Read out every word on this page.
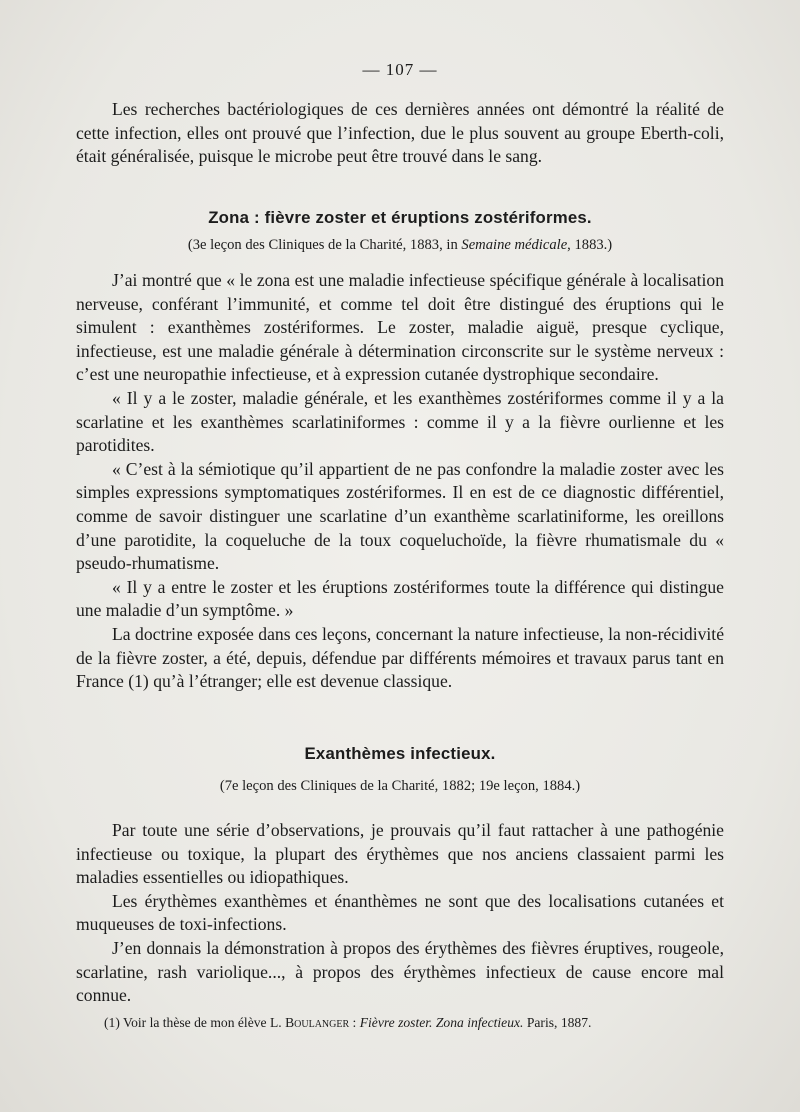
— 107 —

Les recherches bactériologiques de ces dernières années ont démontré la réalité de cette infection, elles ont prouvé que l’infection, due le plus souvent au groupe Eberth-coli, était généralisée, puisque le microbe peut être trouvé dans le sang.

Zona : fièvre zoster et éruptions zostériformes.
(3e leçon des Cliniques de la Charité, 1883, in Semaine médicale, 1883.)

J’ai montré que « le zona est une maladie infectieuse spécifique générale à localisation nerveuse, conférant l’immunité, et comme tel doit être distingué des éruptions qui le simulent : exanthèmes zostériformes. Le zoster, maladie aiguë, presque cyclique, infectieuse, est une maladie générale à détermination circonscrite sur le système nerveux : c’est une neuropathie infectieuse, et à expression cutanée dystrophique secondaire.

« Il y a le zoster, maladie générale, et les exanthèmes zostériformes comme il y a la scarlatine et les exanthèmes scarlatiniformes : comme il y a la fièvre ourlienne et les parotidites.

« C’est à la sémiotique qu’il appartient de ne pas confondre la maladie zoster avec les simples expressions symptomatiques zostériformes. Il en est de ce diagnostic différentiel, comme de savoir distinguer une scarlatine d’un exanthème scarlatiniforme, les oreillons d’une parotidite, la coqueluche de la toux coqueluchoïde, la fièvre rhumatismale du « pseudo-rhumatisme.

« Il y a entre le zoster et les éruptions zostériformes toute la différence qui distingue une maladie d’un symptôme. »

La doctrine exposée dans ces leçons, concernant la nature infectieuse, la non-récidivité de la fièvre zoster, a été, depuis, défendue par différents mémoires et travaux parus tant en France (1) qu’à l’étranger; elle est devenue classique.

Exanthèmes infectieux.
(7e leçon des Cliniques de la Charité, 1882; 19e leçon, 1884.)

Par toute une série d’observations, je prouvais qu’il faut rattacher à une pathogénie infectieuse ou toxique, la plupart des érythèmes que nos anciens classaient parmi les maladies essentielles ou idiopathiques.

Les érythèmes exanthèmes et énanthèmes ne sont que des localisations cutanées et muqueuses de toxi-infections.

J’en donnais la démonstration à propos des érythèmes des fièvres éruptives, rougeole, scarlatine, rash variolique..., à propos des érythèmes infectieux de cause encore mal connue.

(1) Voir la thèse de mon élève L. Boulanger : Fièvre zoster. Zona infectieux. Paris, 1887.
